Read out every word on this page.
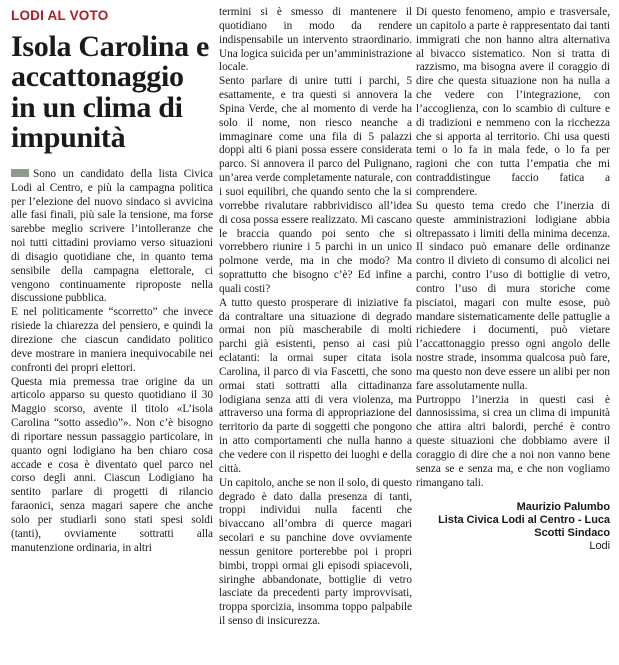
LODI AL VOTO
Isola Carolina e accattonaggio in un clima di impunità

Sono un candidato della lista Civica Lodi al Centro, e più la campagna politica per l’elezione del nuovo sindaco si avvicina alle fasi finali, più sale la tensione, ma forse sarebbe meglio scrivere l’intolleranze che noi tutti cittadini proviamo verso situazioni di disagio quotidiane che, in quanto tema sensibile della campagna elettorale, ci vengono continuamente riproposte nella discussione pubblica.

E nel politicamente “scorretto” che invece risiede la chiarezza del pensiero, e quindi la direzione che ciascun candidato politico deve mostrare in maniera inequivocabile nei confronti dei propri elettori.

Questa mia premessa trae origine da un articolo apparso su questo quotidiano il 30 Maggio scorso, avente il titolo «L’isola Carolina “sotto assedio”». Non c’è bisogno di riportare nessun passaggio particolare, in quanto ogni lodigiano ha ben chiaro cosa accade e cosa è diventato quel parco nel corso degli anni. Ciascun Lodigiano ha sentito parlare di progetti di rilancio faraonici, senza magari sapere che anche solo per studiarli sono stati spesi soldi (tanti), ovviamente sottratti alla manutenzione ordinaria, in altri

termini si è smesso di mantenere il quotidiano in modo da rendere indispensabile un intervento straordinario. Una logica suicida per un’amministrazione locale.

Sento parlare di unire tutti i parchi, 5 esattamente, e tra questi si annovera la Spina Verde, che al momento di verde ha solo il nome, non riesco neanche a immaginare come una fila di 5 palazzi doppi alti 6 piani possa essere considerata parco. Si annovera il parco del Pulignano, un’area verde completamente naturale, con i suoi equilibri, che quando sento che la si vorrebbe rivalutare rabbrividisco all’idea di cosa possa essere realizzato. Mi cascano le braccia quando poi sento che si vorrebbero riunire i 5 parchi in un unico polmone verde, ma in che modo? Ma soprattutto che bisogno c’è? Ed infine a quali costi?

A tutto questo prosperare di iniziative fa da contraltare una situazione di degrado ormai non più mascherabile di molti parchi già esistenti, penso ai casi più eclatanti: la ormai super citata isola Carolina, il parco di via Fascetti, che sono ormai stati sottratti alla cittadinanza lodigiana senza atti di vera violenza, ma attraverso una forma di appropriazione del territorio da parte di soggetti che pongono in atto comportamenti che nulla hanno a che vedere con il rispetto dei luoghi e della città.

Un capitolo, anche se non il solo, di questo degrado è dato dalla presenza di tanti, troppi individui nulla facenti che bivaccano all’ombra di querce magari secolari e su panchine dove ovviamente nessun genitore porterebbe poi i propri bimbi, troppi ormai gli episodi spiacevoli, siringhe abbandonate, bottiglie di vetro lasciate da precedenti party improvvisati, troppa sporcizia, insomma toppo palpabile il senso di insicurezza.

Di questo fenomeno, ampio e trasversale, un capitolo a parte è rappresentato dai tanti immigrati che non hanno altra alternativa al bivacco sistematico. Non si tratta di razzismo, ma bisogna avere il coraggio di dire che questa situazione non ha nulla a che vedere con l’integrazione, con l’accoglienza, con lo scambio di culture e di tradizioni e nemmeno con la ricchezza che si apporta al territorio. Chi usa questi temi o lo fa in mala fede, o lo fa per ragioni che con tutta l’empatia che mi contraddistingue faccio fatica a comprendere.

Su questo tema credo che l’inerzia di queste amministrazioni lodigiane abbia oltrepassato i limiti della minima decenza. Il sindaco può emanare delle ordinanze contro il divieto di consumo di alcolici nei parchi, contro l’uso di bottiglie di vetro, contro l’uso di mura storiche come pisciatoi, magari con multe esose, può mandare sistematicamente delle pattuglie a richiedere i documenti, può vietare l’accattonaggio presso ogni angolo delle nostre strade, insomma qualcosa può fare, ma questo non deve essere un alibi per non fare assolutamente nulla.

Purtroppo l’inerzia in questi casi è dannosissima, si crea un clima di impunità che attira altri balordi, perché è contro queste situazioni che dobbiamo avere il coraggio di dire che a noi non vanno bene senza se e senza ma, e che non vogliamo rimangano tali.

Maurizio Palumbo
Lista Civica Lodi al Centro - Luca
Scotti Sindaco
Lodi
